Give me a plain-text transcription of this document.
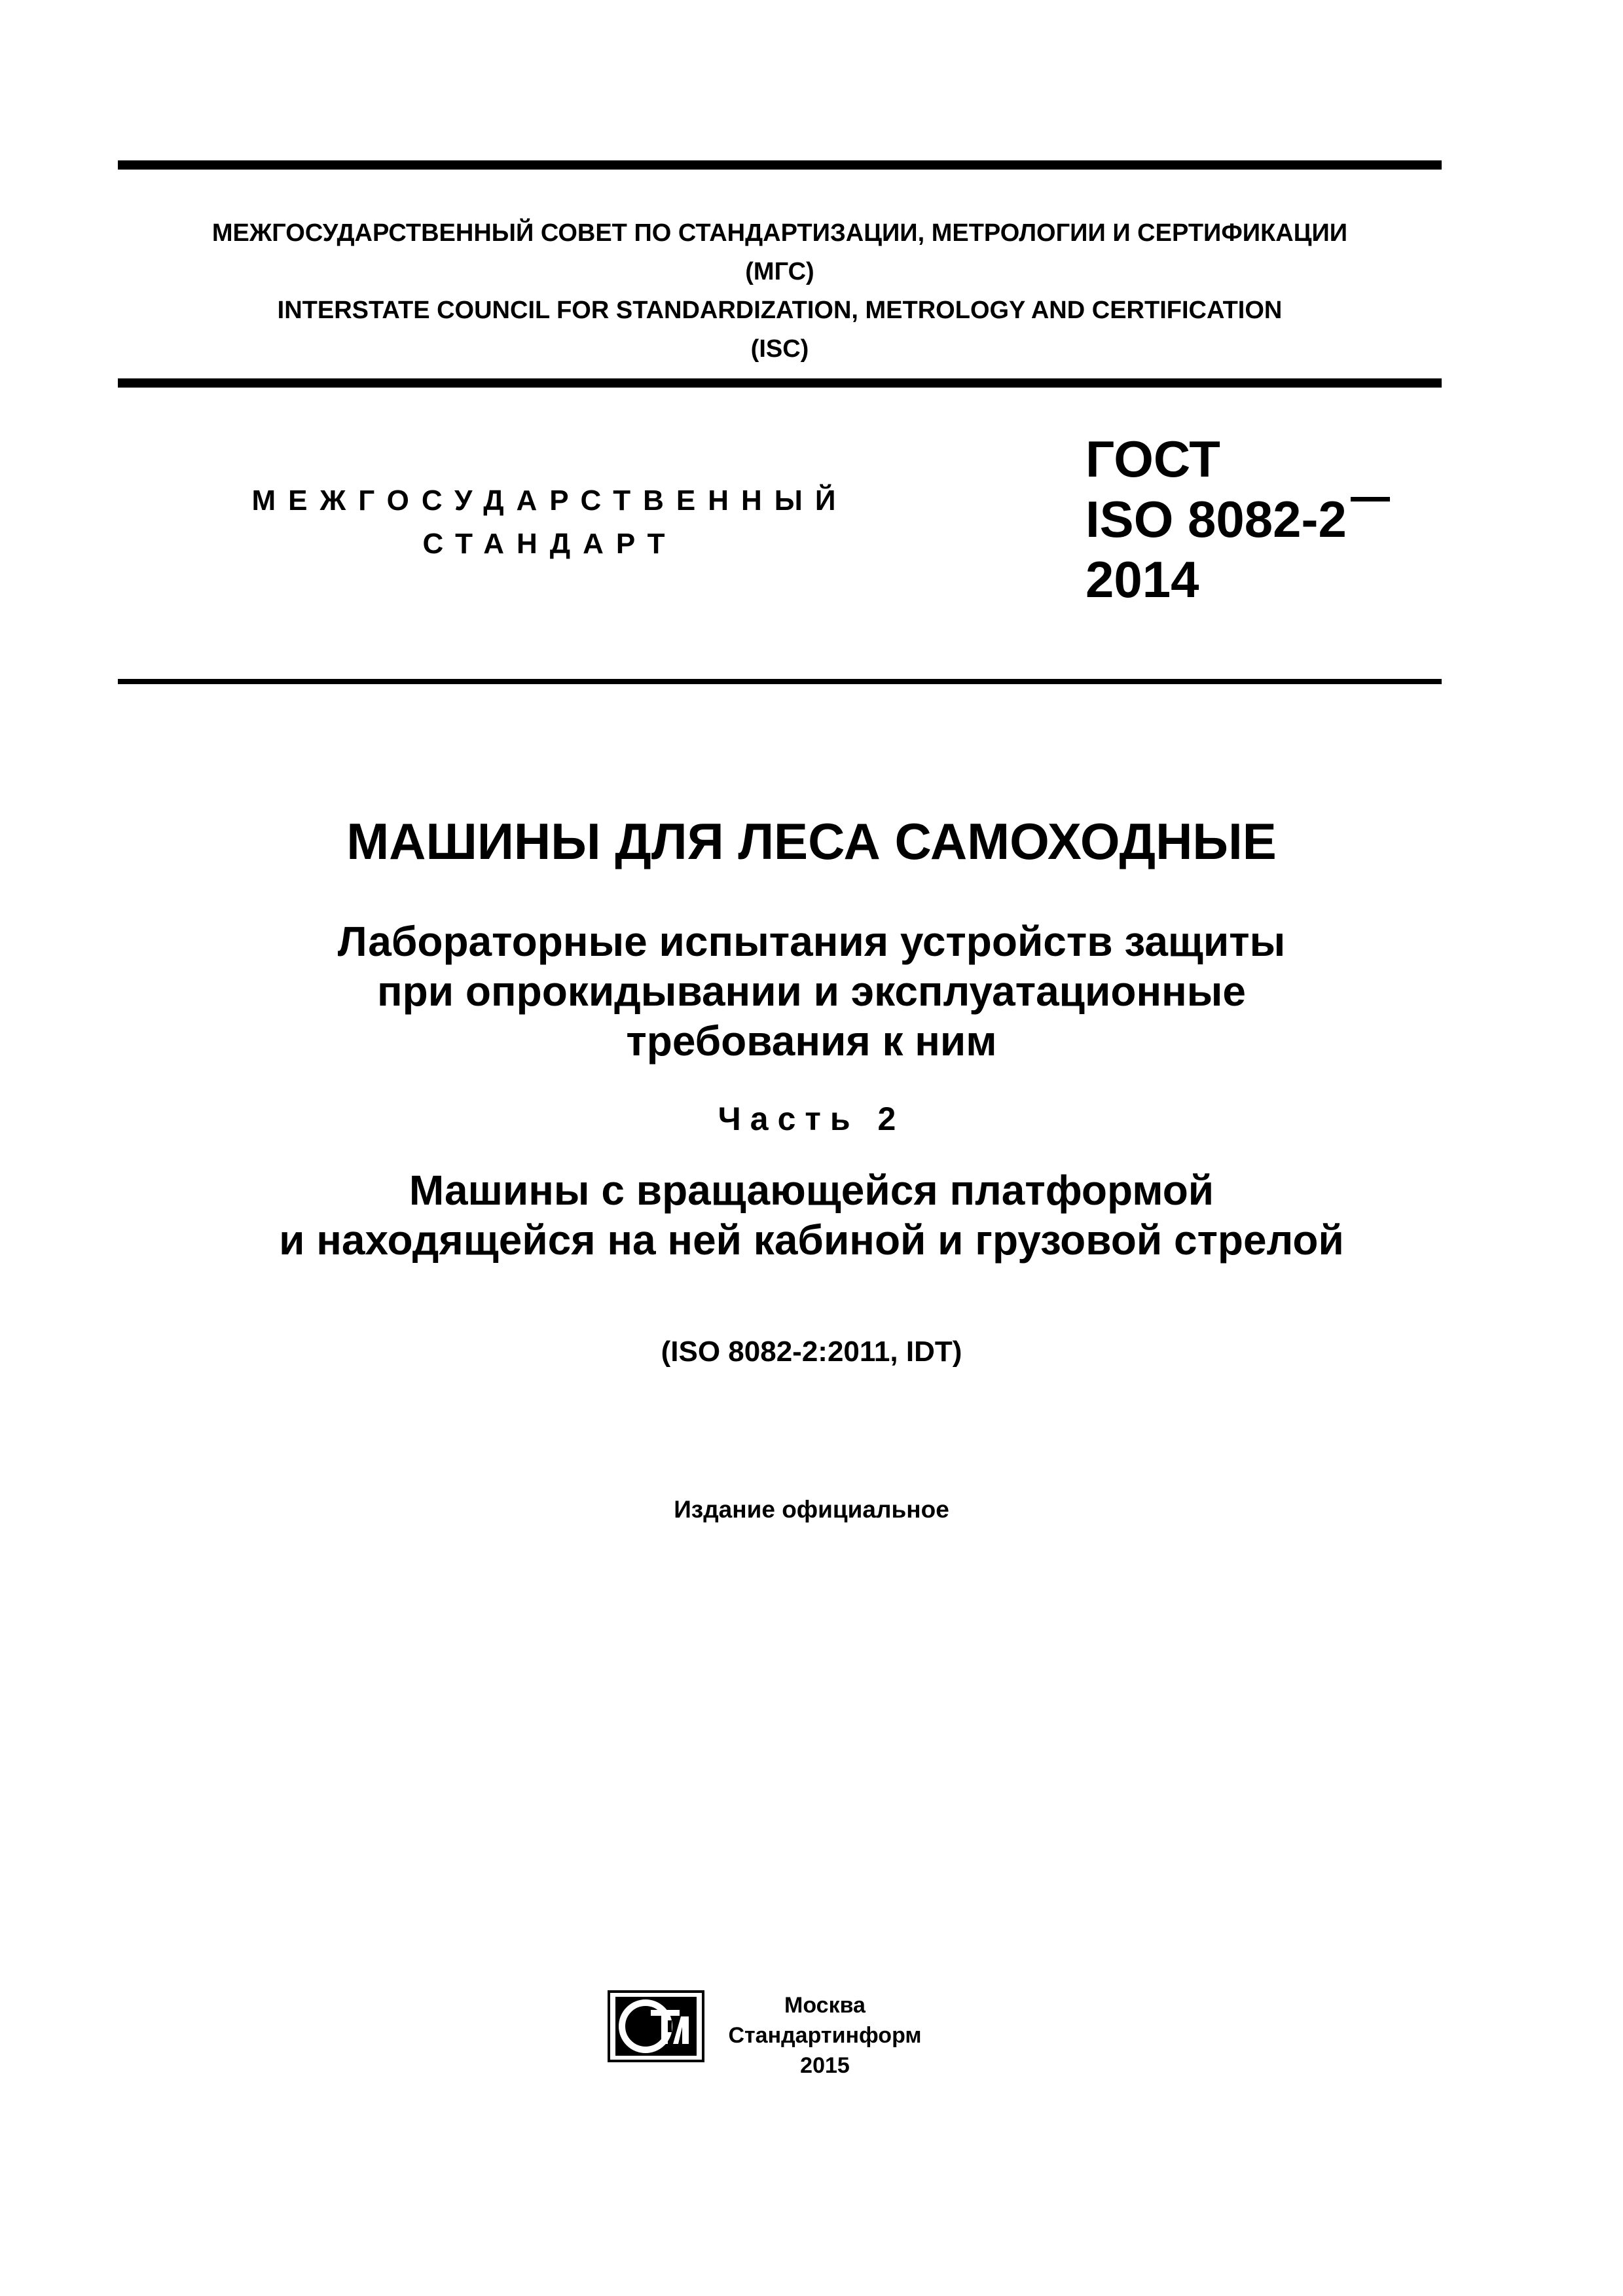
МЕЖГОСУДАРСТВЕННЫЙ СОВЕТ ПО СТАНДАРТИЗАЦИИ, МЕТРОЛОГИИ И СЕРТИФИКАЦИИ
(МГС)
INTERSTATE COUNCIL FOR STANDARDIZATION, METROLOGY AND CERTIFICATION
(ISC)
МЕЖГОСУДАРСТВЕННЫЙ
СТАНДАРТ
ГОСТ
ISO 8082-2
2014
МАШИНЫ ДЛЯ ЛЕСА САМОХОДНЫЕ
Лабораторные испытания устройств защиты
при опрокидывании и эксплуатационные
требования к ним
Часть 2
Машины с вращающейся платформой
и находящейся на ней кабиной и грузовой стрелой
(ISO 8082-2:2011, IDT)
Издание официальное
Москва
Стандартинформ
2015
